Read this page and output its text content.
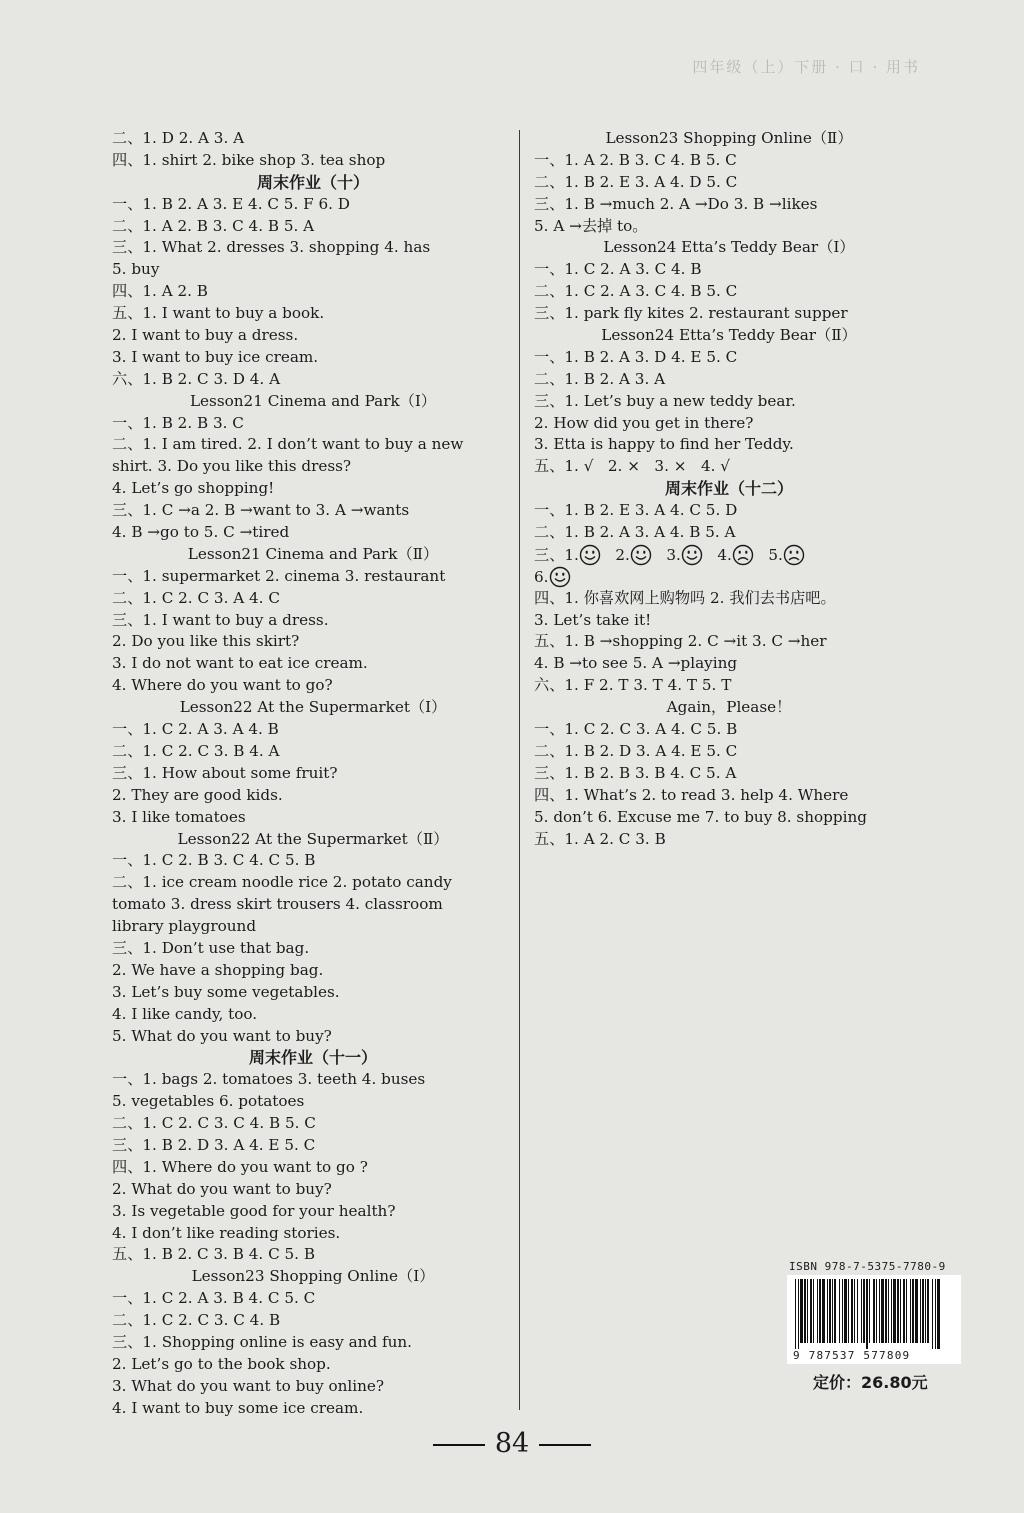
四年级（上）下册 · 口 · 用书
二、1. D 2. A 3. A
四、1. shirt 2. bike shop 3. tea shop
周末作业（十）
一、1. B 2. A 3. E 4. C 5. F 6. D
二、1. A 2. B 3. C 4. B 5. A
三、1. What 2. dresses 3. shopping 4. has
5. buy
四、1. A 2. B
五、1. I want to buy a book.
2. I want to buy a dress.
3. I want to buy ice cream.
六、1. B 2. C 3. D 4. A
Lesson21 Cinema and Park（Ⅰ）
一、1. B 2. B 3. C
二、1. I am tired. 2. I don’t want to buy a new
shirt. 3. Do you like this dress?
4. Let’s go shopping!
三、1. C →a 2. B →want to 3. A →wants
4. B →go to 5. C →tired
Lesson21 Cinema and Park（Ⅱ）
一、1. supermarket 2. cinema 3. restaurant
二、1. C 2. C 3. A 4. C
三、1. I want to buy a dress.
2. Do you like this skirt?
3. I do not want to eat ice cream.
4. Where do you want to go?
Lesson22 At the Supermarket（Ⅰ）
一、1. C 2. A 3. A 4. B
二、1. C 2. C 3. B 4. A
三、1. How about some fruit?
2. They are good kids.
3. I like tomatoes
Lesson22 At the Supermarket（Ⅱ）
一、1. C 2. B 3. C 4. C 5. B
二、1. ice cream noodle rice 2. potato candy
tomato 3. dress skirt trousers 4. classroom
library playground
三、1. Don’t use that bag.
2. We have a shopping bag.
3. Let’s buy some vegetables.
4. I like candy, too.
5. What do you want to buy?
周末作业（十一）
一、1. bags 2. tomatoes 3. teeth 4. buses
5. vegetables 6. potatoes
二、1. C 2. C 3. C 4. B 5. C
三、1. B 2. D 3. A 4. E 5. C
四、1. Where do you want to go ?
2. What do you want to buy?
3. Is vegetable good for your health?
4. I don’t like reading stories.
五、1. B 2. C 3. B 4. C 5. B
Lesson23 Shopping Online（Ⅰ）
一、1. C 2. A 3. B 4. C 5. C
二、1. C 2. C 3. C 4. B
三、1. Shopping online is easy and fun.
2. Let’s go to the book shop.
3. What do you want to buy online?
4. I want to buy some ice cream.
Lesson23 Shopping Online（Ⅱ）
一、1. A 2. B 3. C 4. B 5. C
二、1. B 2. E 3. A 4. D 5. C
三、1. B →much 2. A →Do 3. B →likes
5. A →去掉 to。
Lesson24 Etta’s Teddy Bear（Ⅰ）
一、1. C 2. A 3. C 4. B
二、1. C 2. A 3. C 4. B 5. C
三、1. park fly kites 2. restaurant supper
Lesson24 Etta’s Teddy Bear（Ⅱ）
一、1. B 2. A 3. D 4. E 5. C
二、1. B 2. A 3. A
三、1. Let’s buy a new teddy bear.
2. How did you get in there?
3. Etta is happy to find her Teddy.
五、1. √ 2. × 3. × 4. √
周末作业（十二）
一、1. B 2. E 3. A 4. C 5. D
二、1. B 2. A 3. A 4. B 5. A
三、1. 2. 3. 4. 5.
6.
四、1. 你喜欢网上购物吗 2. 我们去书店吧。
3. Let’s take it!
五、1. B →shopping 2. C →it 3. C →her
4. B →to see 5. A →playing
六、1. F 2. T 3. T 4. T 5. T
Again，Please！
一、1. C 2. C 3. A 4. C 5. B
二、1. B 2. D 3. A 4. E 5. C
三、1. B 2. B 3. B 4. C 5. A
四、1. What’s 2. to read 3. help 4. Where
5. don’t 6. Excuse me 7. to buy 8. shopping
五、1. A 2. C 3. B
ISBN 978-7-5375-7780-9
9 787537 577809
定价：26.80元
84
